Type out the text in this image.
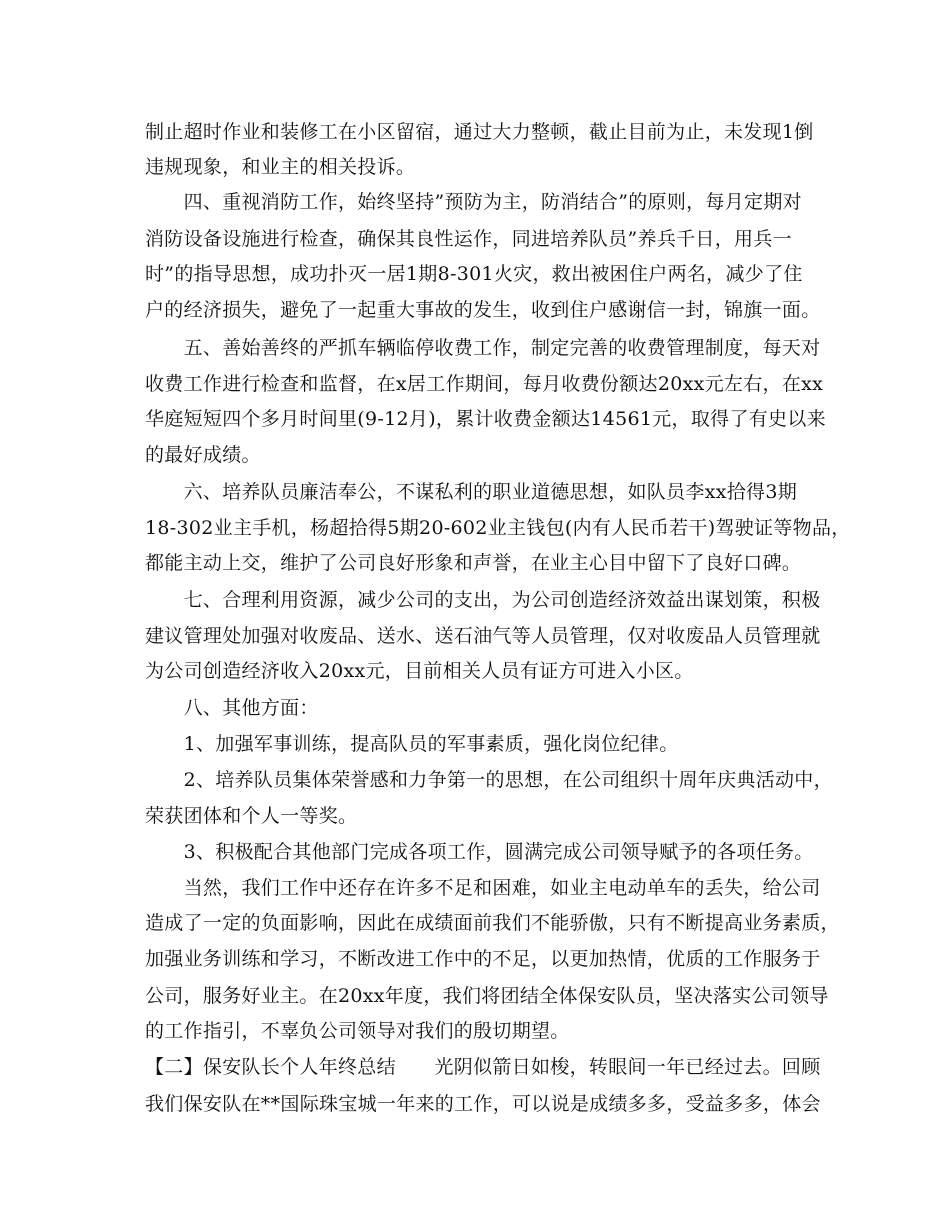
制止超时作业和装修工在小区留宿，通过大力整顿，截止目前为止，未发现1倒
违规现象，和业主的相关投诉。
　　四、重视消防工作，始终坚持”预防为主，防消结合”的原则，每月定期对
消防设备设施进行检查，确保其良性运作，同进培养队员”养兵千日，用兵一
时”的指导思想，成功扑灭一居1期8-301火灾，救出被困住户两名，减少了住
户的经济损失，避免了一起重大事故的发生，收到住户感谢信一封，锦旗一面。
　　五、善始善终的严抓车辆临停收费工作，制定完善的收费管理制度，每天对
收费工作进行检查和监督，在x居工作期间，每月收费份额达20xx元左右，在xx
华庭短短四个多月时间里(9-12月)，累计收费金额达14561元，取得了有史以来
的最好成绩。
　　六、培养队员廉洁奉公，不谋私利的职业道德思想，如队员李xx拾得3期
18-302业主手机，杨超拾得5期20-602业主钱包(内有人民币若干)驾驶证等物品，
都能主动上交，维护了公司良好形象和声誉，在业主心目中留下了良好口碑。
　　七、合理利用资源，减少公司的支出，为公司创造经济效益出谋划策，积极
建议管理处加强对收废品、送水、送石油气等人员管理，仅对收废品人员管理就
为公司创造经济收入20xx元，目前相关人员有证方可进入小区。
　　八、其他方面：
　　1、加强军事训练，提高队员的军事素质，强化岗位纪律。
　　2、培养队员集体荣誉感和力争第一的思想，在公司组织十周年庆典活动中，
荣获团体和个人一等奖。
　　3、积极配合其他部门完成各项工作，圆满完成公司领导赋予的各项任务。
　　当然，我们工作中还存在许多不足和困难，如业主电动单车的丢失，给公司
造成了一定的负面影响，因此在成绩面前我们不能骄傲，只有不断提高业务素质，
加强业务训练和学习，不断改进工作中的不足，以更加热情，优质的工作服务于
公司，服务好业主。在20xx年度，我们将团结全体保安队员，坚决落实公司领导
的工作指引，不辜负公司领导对我们的殷切期望。
【二】保安队长个人年终总结　　光阴似箭日如梭，转眼间一年已经过去。回顾
我们保安队在**国际珠宝城一年来的工作，可以说是成绩多多，受益多多，体会
